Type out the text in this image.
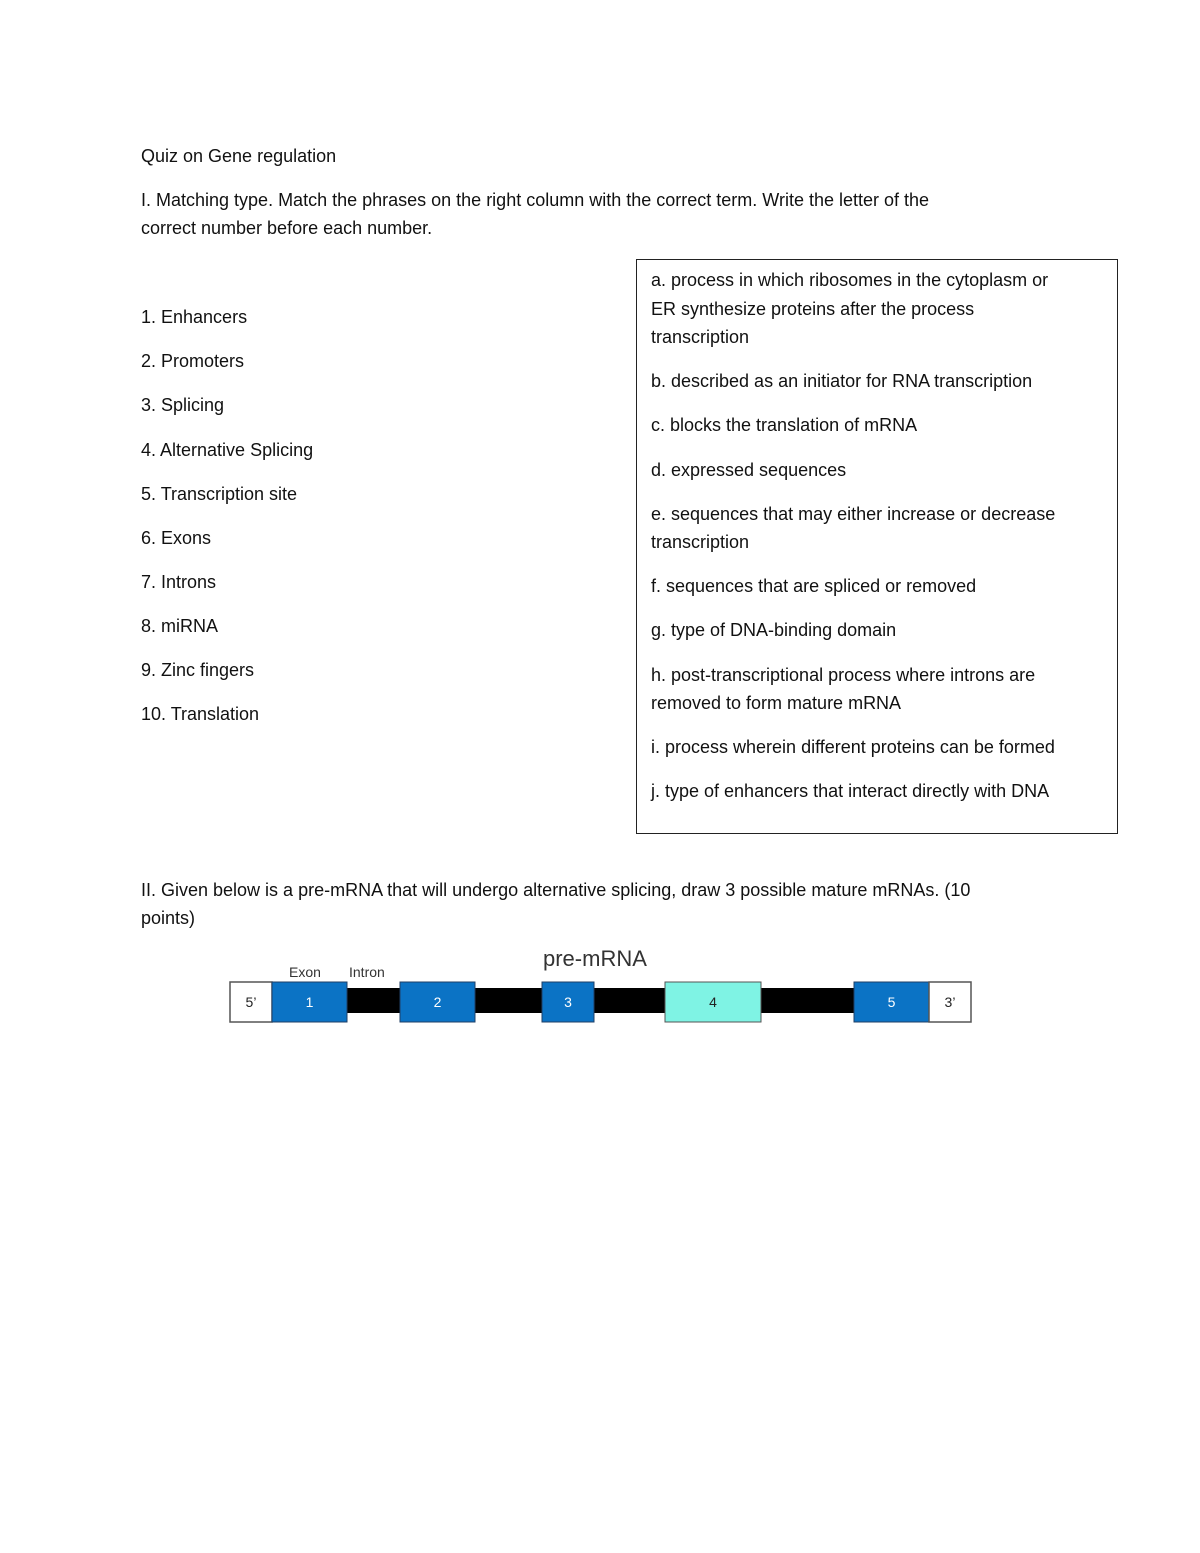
Quiz on Gene regulation
I. Matching type. Match the phrases on the right column with the correct term. Write the letter of the
correct number before each number.
1. Enhancers
2. Promoters
3. Splicing
4. Alternative Splicing
5. Transcription site
6. Exons
7. Introns
8. miRNA
9. Zinc fingers
10. Translation
a. process in which ribosomes in the cytoplasm or
ER synthesize proteins after the process
transcription
b. described as an initiator for RNA transcription
c. blocks the translation of mRNA
d. expressed sequences
e. sequences that may either increase or decrease
transcription
f. sequences that are spliced or removed
g. type of DNA-binding domain
h. post-transcriptional process where introns are
removed to form mature mRNA
i. process wherein different proteins can be formed
j. type of enhancers that interact directly with DNA
II. Given below is a pre-mRNA that will undergo alternative splicing, draw 3 possible mature mRNAs. (10
points)
pre-mRNA
Exon Intron
5’	1	2	3	4	5	3’
